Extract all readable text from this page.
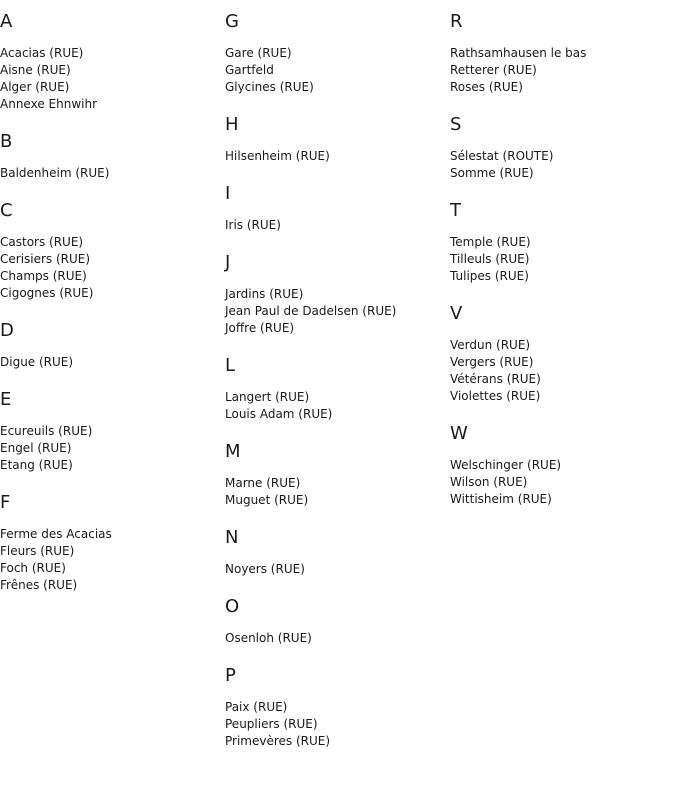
A
Acacias (RUE)
Aisne (RUE)
Alger (RUE)
Annexe Ehnwihr
B
Baldenheim (RUE)
C
Castors (RUE)
Cerisiers (RUE)
Champs (RUE)
Cigognes (RUE)
D
Digue (RUE)
E
Ecureuils (RUE)
Engel (RUE)
Etang (RUE)
F
Ferme des Acacias
Fleurs (RUE)
Foch (RUE)
Frênes (RUE)
G
Gare (RUE)
Gartfeld
Glycines (RUE)
H
Hilsenheim (RUE)
I
Iris (RUE)
J
Jardins (RUE)
Jean Paul de Dadelsen (RUE)
Joffre (RUE)
L
Langert (RUE)
Louis Adam (RUE)
M
Marne (RUE)
Muguet (RUE)
N
Noyers (RUE)
O
Osenloh (RUE)
P
Paix (RUE)
Peupliers (RUE)
Primevères (RUE)
R
Rathsamhausen le bas
Retterer (RUE)
Roses (RUE)
S
Sélestat (ROUTE)
Somme (RUE)
T
Temple (RUE)
Tilleuls (RUE)
Tulipes (RUE)
V
Verdun (RUE)
Vergers (RUE)
Vétérans (RUE)
Violettes (RUE)
W
Welschinger (RUE)
Wilson (RUE)
Wittisheim (RUE)
